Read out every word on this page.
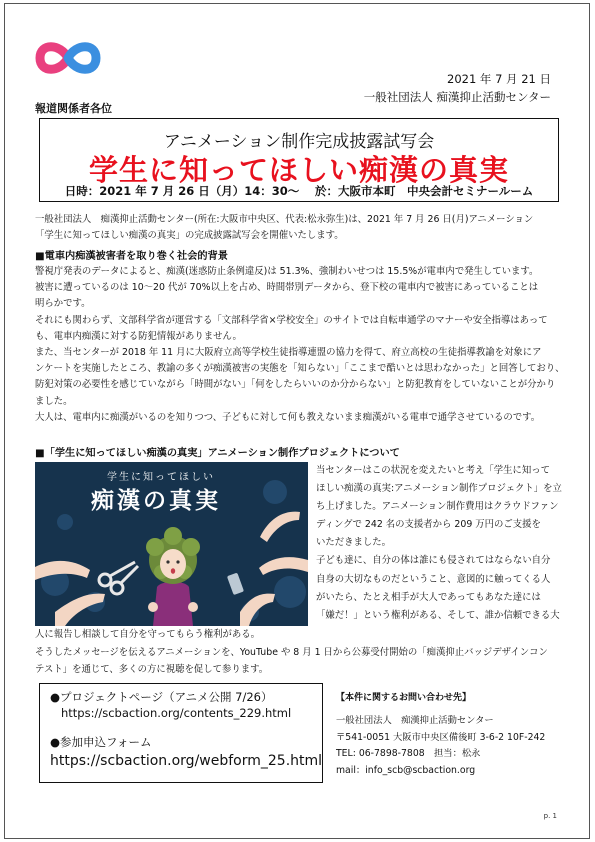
2021 年 7 月 21 日
一般社団法人 痴漢抑止活動センター
報道関係者各位
アニメーション制作完成披露試写会
学生に知ってほしい痴漢の真実
日時：2021 年 7 月 26 日（月）14：30～ 於：大阪市本町　中央会計セミナールーム
一般社団法人　痴漢抑止活動センター(所在:大阪市中央区、代表:松永弥生)は、2021 年 7 月 26 日(月)アニメーション
「学生に知ってほしい痴漢の真実」の完成披露試写会を開催いたします。
■電車内痴漢被害者を取り巻く社会的背景
警視庁発表のデータによると、痴漢(迷惑防止条例違反)は 51.3%、強制わいせつは 15.5%が電車内で発生しています。
被害に遭っているのは 10～20 代が 70%以上を占め、時間帯別データから、登下校の電車内で被害にあっていることは
明らかです。
それにも関わらず、文部科学省が運営する「文部科学省×学校安全」のサイトでは自転車通学のマナーや安全指導はあって
も、電車内痴漢に対する防犯情報がありません。
また、当センターが 2018 年 11 月に大阪府立高等学校生徒指導連盟の協力を得て、府立高校の生徒指導教諭を対象にア
ンケートを実施したところ、教諭の多くが痴漢被害の実態を「知らない」「ここまで酷いとは思わなかった」と回答しており、
防犯対策の必要性を感じていながら「時間がない」「何をしたらいいのか分からない」と防犯教育をしていないことが分かり
ました。
大人は、電車内に痴漢がいるのを知りつつ、子どもに対して何も教えないまま痴漢がいる電車で通学させているのです。
■「学生に知ってほしい痴漢の真実」アニメーション制作プロジェクトについて
学生に知ってほしい
痴漢の真実
当センターはこの状況を変えたいと考え「学生に知って
ほしい痴漢の真実:アニメーション制作プロジェクト」を立
ち上げました。アニメーション制作費用はクラウドファン
ディングで 242 名の支援者から 209 万円のご支援を
いただきました。
子ども達に、自分の体は誰にも侵されてはならない自分
自身の大切なものだということ、意図的に触ってくる人
がいたら、たとえ相手が大人であってもあなた達には
「嫌だ！」という権利がある、そして、誰か信頼できる大
人に報告し相談して自分を守ってもらう権利がある。
そうしたメッセージを伝えるアニメーションを、YouTube や 8 月 1 日から公募受付開始の「痴漢抑止バッジデザインコン
テスト」を通じて、多くの方に視聴を促して参ります。
●プロジェクトページ（アニメ公開 7/26）
https://scbaction.org/contents_229.html
●参加申込フォーム
https://scbaction.org/webform_25.html
【本件に関するお問い合わせ先】
一般社団法人　痴漢抑止活動センター
〒541-0051 大阪市中央区備後町 3-6-2 10F-242
TEL: 06-7898-7808　担当：松永
mail：info_scb@scbaction.org
p. 1
